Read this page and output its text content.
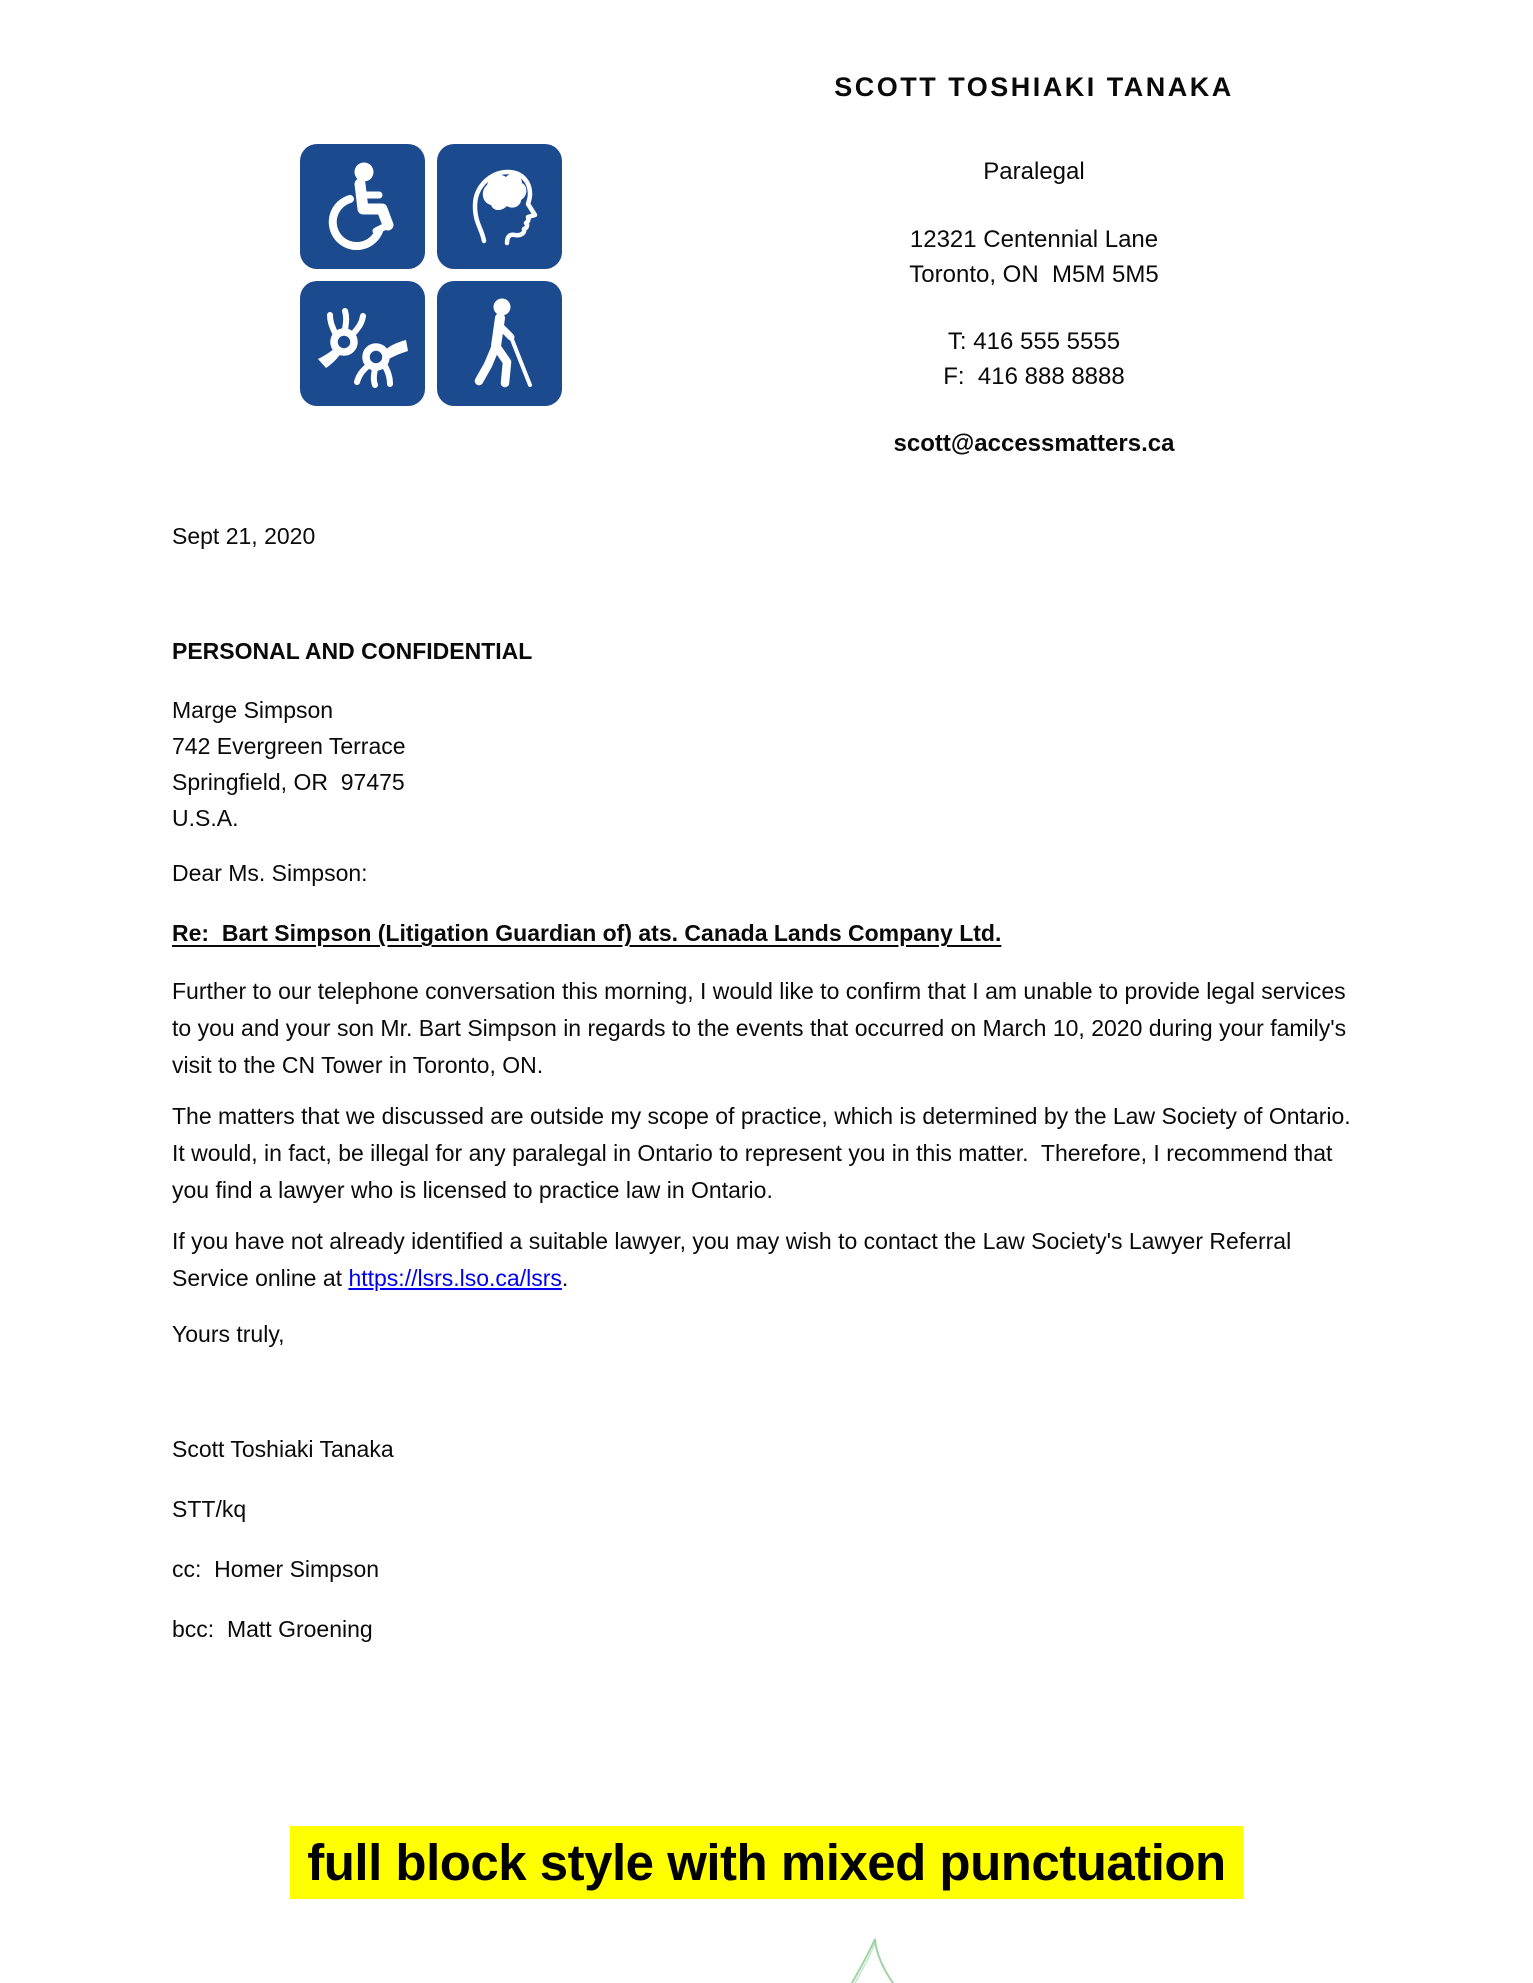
SCOTT TOSHIAKI TANAKA
Paralegal
12321 Centennial Lane
Toronto, ON  M5M 5M5
T: 416 555 5555
F:  416 888 8888
scott@accessmatters.ca
Sept 21, 2020
PERSONAL AND CONFIDENTIAL
Marge Simpson
742 Evergreen Terrace
Springfield, OR  97475
U.S.A.
Dear Ms. Simpson:
Re:  Bart Simpson (Litigation Guardian of) ats. Canada Lands Company Ltd.
Further to our telephone conversation this morning, I would like to confirm that I am unable to provide legal services to you and your son Mr. Bart Simpson in regards to the events that occurred on March 10, 2020 during your family's visit to the CN Tower in Toronto, ON.
The matters that we discussed are outside my scope of practice, which is determined by the Law Society of Ontario.  It would, in fact, be illegal for any paralegal in Ontario to represent you in this matter.  Therefore, I recommend that you find a lawyer who is licensed to practice law in Ontario.
If you have not already identified a suitable lawyer, you may wish to contact the Law Society's Lawyer Referral Service online at https://lsrs.lso.ca/lsrs.
Yours truly,
Scott Toshiaki Tanaka
STT/kq
cc:  Homer Simpson
bcc:  Matt Groening
full block style with mixed punctuation
